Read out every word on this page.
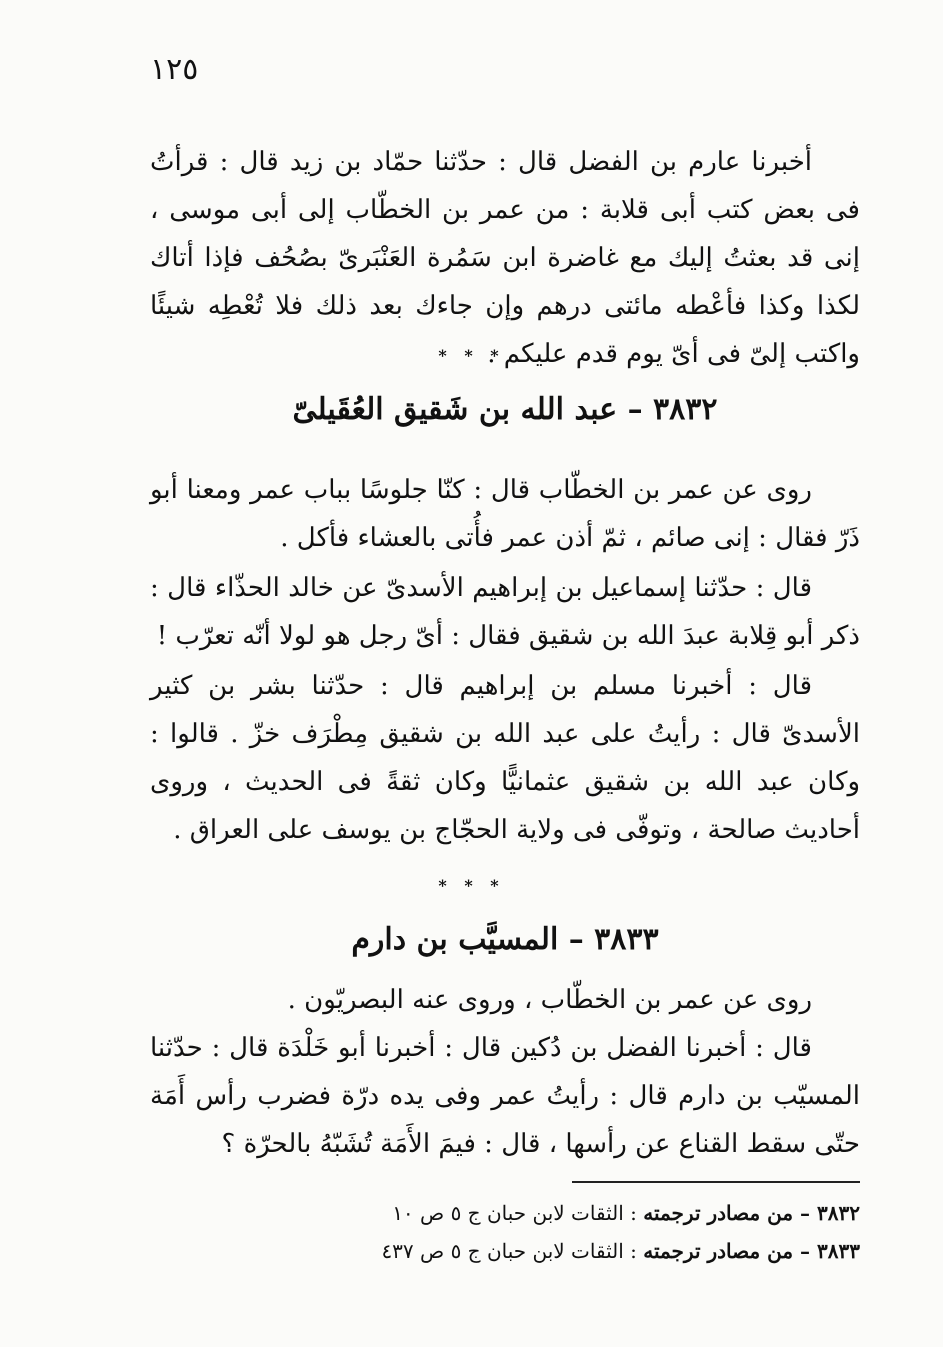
١٢٥

أخبرنا عارم بن الفضل قال : حدّثنا حمّاد بن زيد قال : قرأتُ فى بعض كتب أبى قلابة : من عمر بن الخطّاب إلى أبى موسى ، إنى قد بعثتُ إليك مع غاضرة ابن سَمُرة العَنْبَرىّ بصُحُف فإذا أتاك لكذا وكذا فأعْطه مائتى درهم وإن جاءك بعد ذلك فلا تُعْطِه شيئًا واكتب إلىّ فى أىّ يوم قدم عليكم .

* * *
٣٨٣٢ – عبد الله بن شَقيق العُقَيلىّ

روى عن عمر بن الخطّاب قال : كنّا جلوسًا بباب عمر ومعنا أبو ذَرّ فقال : إنى صائم ، ثمّ أذن عمر فأُتى بالعشاء فأكل .

قال : حدّثنا إسماعيل بن إبراهيم الأسدىّ عن خالد الحذّاء قال : ذكر أبو قِلابة عبدَ الله بن شقيق فقال : أىّ رجل هو لولا أنّه تعرّب !

قال : أخبرنا مسلم بن إبراهيم قال : حدّثنا بشر بن كثير الأسدىّ قال : رأيتُ على عبد الله بن شقيق مِطْرَف خزّ . قالوا : وكان عبد الله بن شقيق عثمانيًّا وكان ثقةً فى الحديث ، وروى أحاديث صالحة ، وتوفّى فى ولاية الحجّاج بن يوسف على العراق .

* * *
٣٨٣٣ – المسيَّب بن دارم

روى عن عمر بن الخطّاب ، وروى عنه البصريّون .

قال : أخبرنا الفضل بن دُكين قال : أخبرنا أبو خَلْدَة قال : حدّثنا المسيّب بن دارم قال : رأيتُ عمر وفى يده درّة فضرب رأس أَمَة حتّى سقط القناع عن رأسها ، قال : فيمَ الأَمَة تُشَبّهُ بالحرّة ؟

٣٨٣٢ – من مصادر ترجمته : الثقات لابن حبان ج ٥ ص ١٠

٣٨٣٣ – من مصادر ترجمته : الثقات لابن حبان ج ٥ ص ٤٣٧
